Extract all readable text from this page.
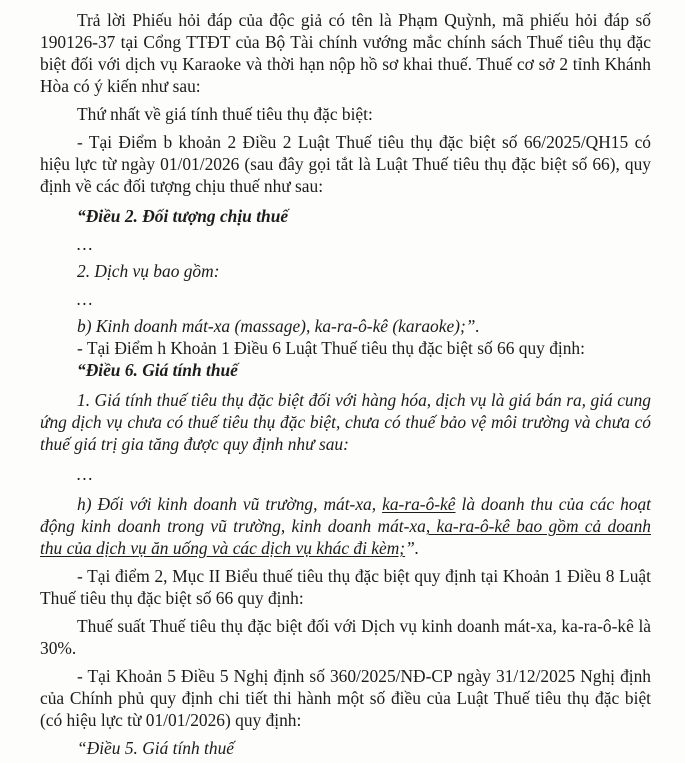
Trả lời Phiếu hỏi đáp của độc giả có tên là Phạm Quỳnh, mã phiếu hỏi đáp số 190126-37 tại Cổng TTĐT của Bộ Tài chính vướng mắc chính sách Thuế tiêu thụ đặc biệt đối với dịch vụ Karaoke và thời hạn nộp hồ sơ khai thuế. Thuế cơ sở 2 tỉnh Khánh Hòa có ý kiến như sau:

Thứ nhất về giá tính thuế tiêu thụ đặc biệt:

- Tại Điểm b khoản 2 Điều 2 Luật Thuế tiêu thụ đặc biệt số 66/2025/QH15 có hiệu lực từ ngày 01/01/2026 (sau đây gọi tắt là Luật Thuế tiêu thụ đặc biệt số 66), quy định về các đối tượng chịu thuế như sau:

“Điều 2. Đối tượng chịu thuế

…

2. Dịch vụ bao gồm:

…

b) Kinh doanh mát-xa (massage), ka-ra-ô-kê (karaoke);”.

- Tại Điểm h Khoản 1 Điều 6 Luật Thuế tiêu thụ đặc biệt số 66 quy định:

“Điều 6. Giá tính thuế

1. Giá tính thuế tiêu thụ đặc biệt đối với hàng hóa, dịch vụ là giá bán ra, giá cung ứng dịch vụ chưa có thuế tiêu thụ đặc biệt, chưa có thuế bảo vệ môi trường và chưa có thuế giá trị gia tăng được quy định như sau:

…

h) Đối với kinh doanh vũ trường, mát-xa, ka-ra-ô-kê là doanh thu của các hoạt động kinh doanh trong vũ trường, kinh doanh mát-xa, ka-ra-ô-kê bao gồm cả doanh thu của dịch vụ ăn uống và các dịch vụ khác đi kèm;”.

- Tại điểm 2, Mục II Biểu thuế tiêu thụ đặc biệt quy định tại Khoản 1 Điều 8 Luật Thuế tiêu thụ đặc biệt số 66 quy định:

Thuế suất Thuế tiêu thụ đặc biệt đối với Dịch vụ kinh doanh mát-xa, ka-ra-ô-kê là 30%.

- Tại Khoản 5 Điều 5 Nghị định số 360/2025/NĐ-CP ngày 31/12/2025 Nghị định của Chính phủ quy định chi tiết thi hành một số điều của Luật Thuế tiêu thụ đặc biệt (có hiệu lực từ 01/01/2026) quy định:

“Điều 5. Giá tính thuế
